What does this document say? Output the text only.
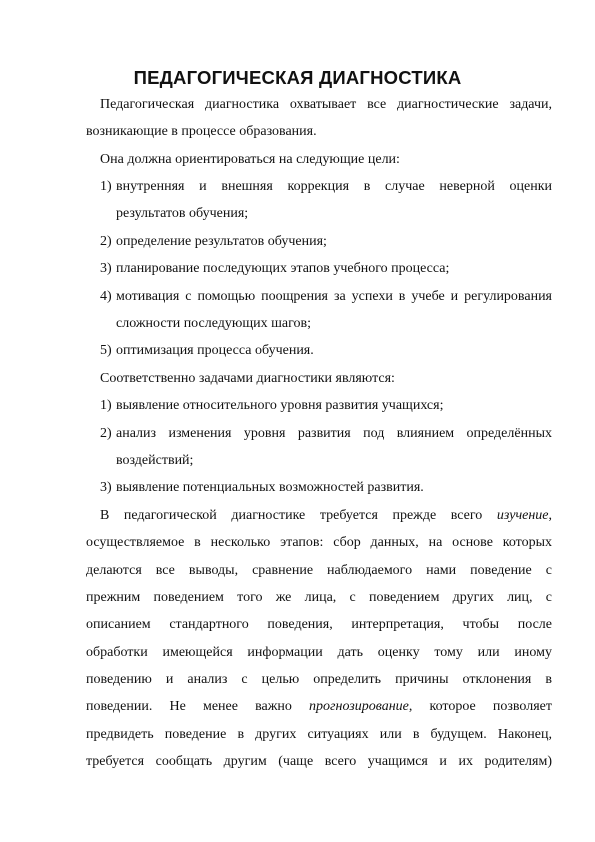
ПЕДАГОГИЧЕСКАЯ ДИАГНОСТИКА
Педагогическая диагностика охватывает все диагностические задачи,
возникающие в процессе образования.
Она должна ориентироваться на следующие цели:
1) внутренняя и внешняя коррекция в случае неверной оценки
результатов обучения;
2) определение результатов обучения;
3) планирование последующих этапов учебного процесса;
4) мотивация с помощью поощрения за успехи в учебе и регулирования
сложности последующих шагов;
5) оптимизация процесса обучения.
Соответственно задачами диагностики являются:
1) выявление относительного уровня развития учащихся;
2) анализ изменения уровня развития под влиянием определённых
воздействий;
3) выявление потенциальных возможностей развития.
В педагогической диагностике требуется прежде всего изучение,
осуществляемое в несколько этапов: сбор данных, на основе которых
делаются все выводы, сравнение наблюдаемого нами поведение с
прежним поведением того же лица, с поведением других лиц, с
описанием стандартного поведения, интерпретация, чтобы после
обработки имеющейся информации дать оценку тому или иному
поведению и анализ с целью определить причины отклонения в
поведении. Не менее важно прогнозирование, которое позволяет
предвидеть поведение в других ситуациях или в будущем. Наконец,
требуется сообщать другим (чаще всего учащимся и их родителям)
